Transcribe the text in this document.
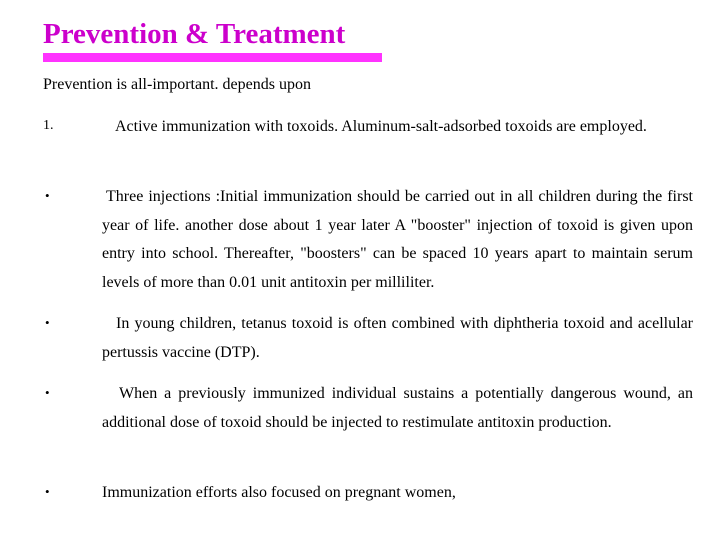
Prevention & Treatment
Prevention is all-important. depends upon
1.	Active immunization with toxoids. Aluminum-salt-adsorbed toxoids are employed.
•	Three injections :Initial immunization should be carried out in all children during the first year of life. another dose about 1 year later A "booster" injection of toxoid is given upon entry into school. Thereafter, "boosters" can be spaced 10 years apart to maintain serum levels of more than 0.01 unit antitoxin per milliliter.
•	In young children, tetanus toxoid is often combined with diphtheria toxoid and acellular pertussis vaccine (DTP).
•	When a previously immunized individual sustains a potentially dangerous wound, an additional dose of toxoid should be injected to restimulate antitoxin production.
•	Immunization efforts also focused on pregnant women,
